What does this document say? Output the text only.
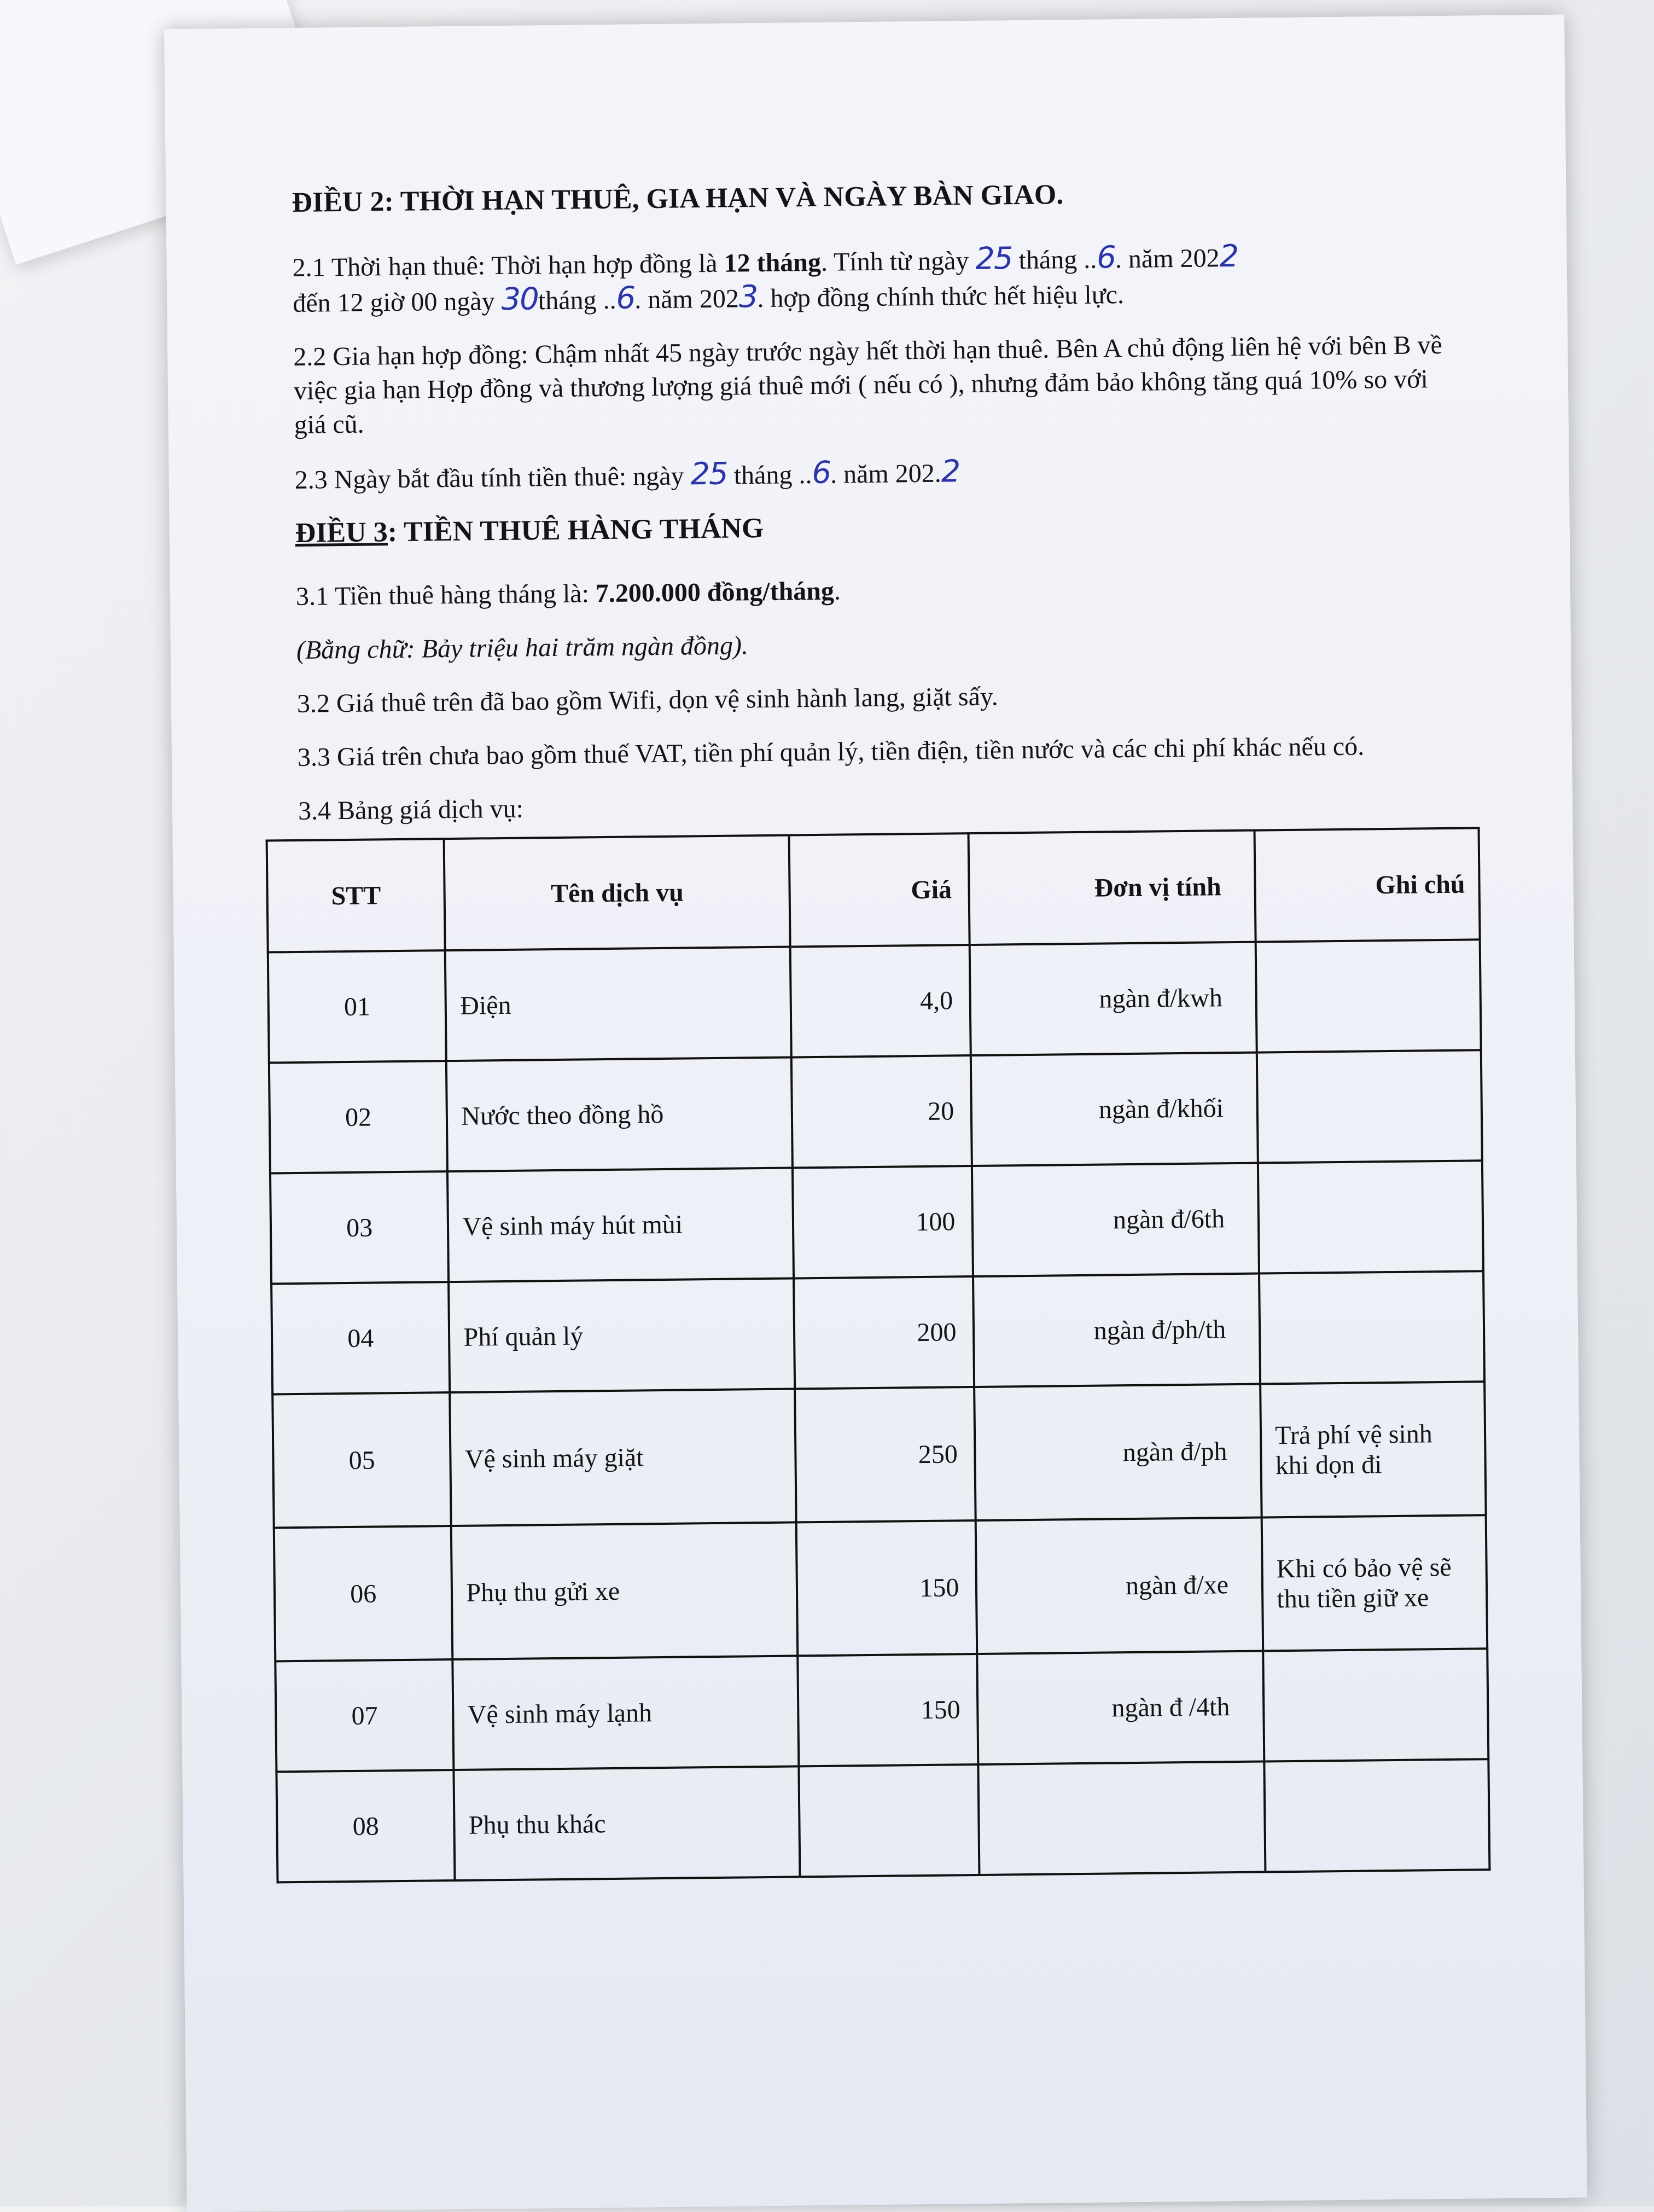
ĐIỀU 2: THỜI HẠN THUÊ, GIA HẠN VÀ NGÀY BÀN GIAO.

2.1 Thời hạn thuê: Thời hạn hợp đồng là 12 tháng. Tính từ ngày 25 tháng ..6. năm 2022
đến 12 giờ 00 ngày 30tháng ..6. năm 2023. hợp đồng chính thức hết hiệu lực.

2.2 Gia hạn hợp đồng: Chậm nhất 45 ngày trước ngày hết thời hạn thuê. Bên A chủ động liên hệ với bên B về việc gia hạn Hợp đồng và thương lượng giá thuê mới ( nếu có ), nhưng đảm bảo không tăng quá 10% so với giá cũ.

2.3 Ngày bắt đầu tính tiền thuê: ngày 25 tháng ..6. năm 202.2

ĐIỀU 3: TIỀN THUÊ HÀNG THÁNG

3.1 Tiền thuê hàng tháng là: 7.200.000 đồng/tháng.

(Bằng chữ: Bảy triệu hai trăm ngàn đồng).

3.2 Giá thuê trên đã bao gồm Wifi, dọn vệ sinh hành lang, giặt sấy.

3.3 Giá trên chưa bao gồm thuế VAT, tiền phí quản lý, tiền điện, tiền nước và các chi phí khác nếu có.

3.4 Bảng giá dịch vụ:

STT	Tên dịch vụ	Giá	Đơn vị tính	Ghi chú
01	Điện	4,0	ngàn đ/kwh	
02	Nước theo đồng hồ	20	ngàn đ/khối	
03	Vệ sinh máy hút mùi	100	ngàn đ/6th	
04	Phí quản lý	200	ngàn đ/ph/th	
05	Vệ sinh máy giặt	250	ngàn đ/ph	Trả phí vệ sinh khi dọn đi
06	Phụ thu gửi xe	150	ngàn đ/xe	Khi có bảo vệ sẽ thu tiền giữ xe
07	Vệ sinh máy lạnh	150	ngàn đ /4th	
08	Phụ thu khác			
